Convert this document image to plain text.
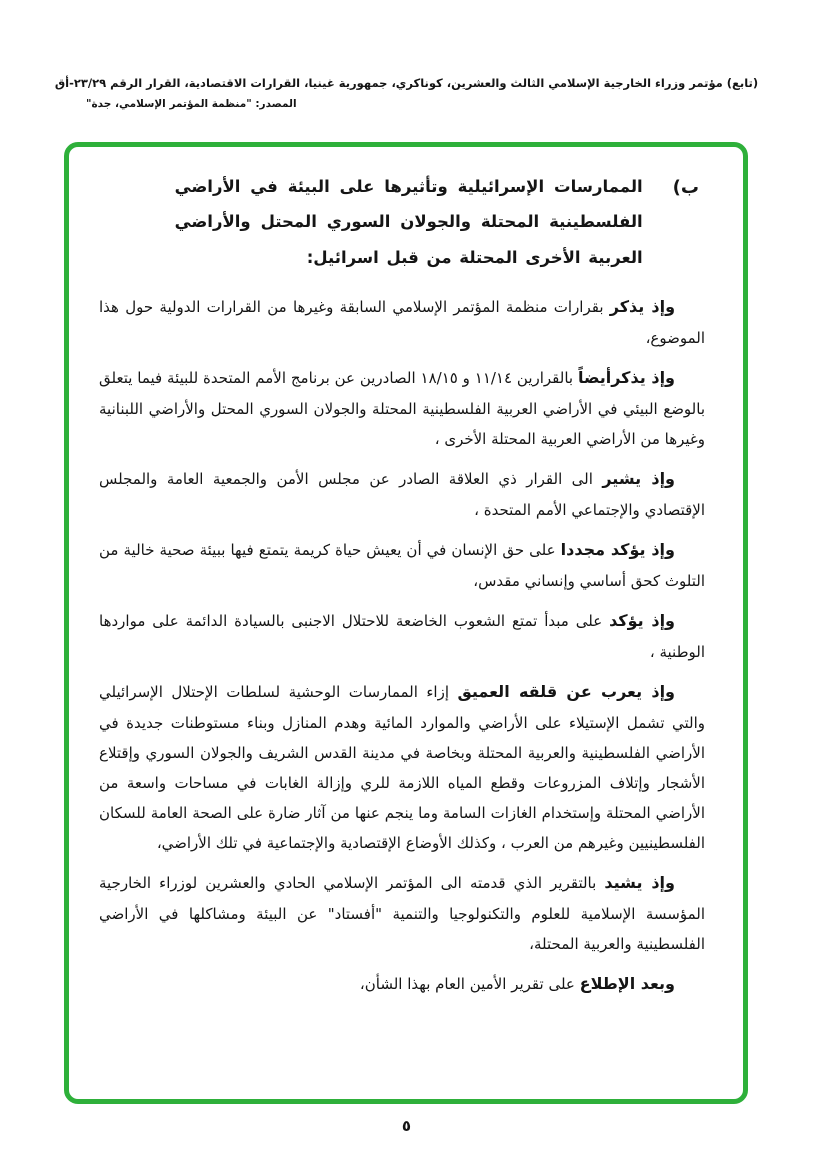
(تابع) مؤتمر وزراء الخارجية الإسلامي الثالث والعشرين، كوناكري، جمهورية غينيا، القرارات الاقتصادية، القرار الرقم ٢٣/٢٩-أق
المصدر: "منظمة المؤتمر الإسلامي، جدة"
ب)
الممارسات الإسرائيلية وتأثيرها على البيئة في الأراضي الفلسطينية المحتلة والجولان السوري المحتل والأراضي العربية الأخرى المحتلة من قبل اسرائيل:

وإذ يذكر بقرارات منظمة المؤتمر الإسلامي السابقة وغيرها من القرارات الدولية حول هذا الموضوع،

وإذ يذكرأيضاً بالقرارين ١١/١٤ و ١٨/١٥ الصادرين عن برنامج الأمم المتحدة للبيئة فيما يتعلق بالوضع البيئي في الأراضي العربية الفلسطينية المحتلة والجولان السوري المحتل والأراضي اللبنانية وغيرها من الأراضي العربية المحتلة الأخرى ،

وإذ يشير الى القرار ذي العلاقة الصادر عن مجلس الأمن والجمعية العامة والمجلس الإقتصادي والإجتماعي الأمم المتحدة ،

وإذ يؤكد مجددا على حق الإنسان في أن يعيش حياة كريمة يتمتع فيها ببيئة صحية خالية من التلوث كحق أساسي وإنساني مقدس،

وإذ يؤكد على مبدأ تمتع الشعوب الخاضعة للاحتلال الاجنبى بالسيادة الدائمة على مواردها الوطنية ،

وإذ يعرب عن قلقه العميق إزاء الممارسات الوحشية لسلطات الإحتلال الإسرائيلي والتي تشمل الإستيلاء على الأراضي والموارد المائية وهدم المنازل وبناء مستوطنات جديدة في الأراضي الفلسطينية والعربية المحتلة وبخاصة في مدينة القدس الشريف والجولان السوري وإقتلاع الأشجار وإتلاف المزروعات وقطع المياه اللازمة للري وإزالة الغابات في مساحات واسعة من الأراضي المحتلة وإستخدام الغازات السامة وما ينجم عنها من آثار ضارة على الصحة العامة للسكان الفلسطينيين وغيرهم من العرب ، وكذلك الأوضاع الإقتصادية والإجتماعية في تلك الأراضي،

وإذ يشيد بالتقرير الذي قدمته الى المؤتمر الإسلامي الحادي والعشرين لوزراء الخارجية المؤسسة الإسلامية للعلوم والتكنولوجيا والتنمية "أفستاد" عن البيئة ومشاكلها في الأراضي الفلسطينية والعربية المحتلة،

وبعد الإطلاع على تقرير الأمين العام بهذا الشأن،

٥
